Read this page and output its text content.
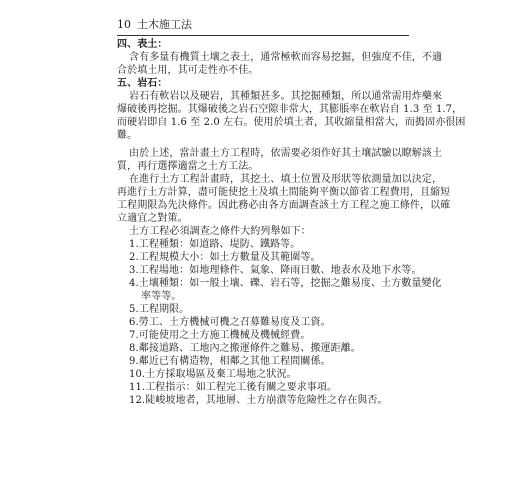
10 土木施工法
四、表土：
含有多量有機質土壤之表土，通常極軟而容易挖掘，但強度不佳，不適
合於填土用，其可走性亦不佳。
五、岩石：
岩石有軟岩以及硬岩，其種類甚多。其挖掘種類，所以通常需用炸藥來
爆破後再挖掘。其爆破後之岩石空隙非常大，其膨脹率在軟岩自 1.3 至 1.7，
而硬岩即自 1.6 至 2.0 左右。使用於填土者，其收縮量相當大，而搗固亦很困
難。
由於上述，當計畫土方工程時，依需要必須作好其土壤試驗以瞭解該土
質，再行選擇適當之土方工法。
在進行土方工程計畫時，其挖土、填土位置及形狀等依測量加以決定，
再進行土方計算，盡可能使挖土及填土間能夠平衡以節省工程費用，且縮短
工程期限為先決條件。因此務必由各方面調查該土方工程之施工條件，以確
立適宜之對策。
土方工程必須調查之條件大約列舉如下：
1.工程種類：如道路、堤防、鐵路等。
2.工程規模大小：如土方數量及其範圍等。
3.工程場地：如地理條件、氣象、降雨日數、地表水及地下水等。
4.土壤種類：如一般土壤、礫、岩石等，挖掘之難易度、土方數量變化
率等等。
5.工程期限。
6.勞工、土方機械可機之召募難易度及工資。
7.可能使用之土方施工機械及機械經費。
8.鄰接道路、工地內之搬運條件之難易、搬運距離。
9.鄰近已有構造物，相鄰之其他工程間關係。
10.土方採取場區及棄工場地之狀況。
11.工程指示：如工程完工後有關之要求事項。
12.陡峻坡地者，其地層、土方崩潰等危險性之存在與否。
